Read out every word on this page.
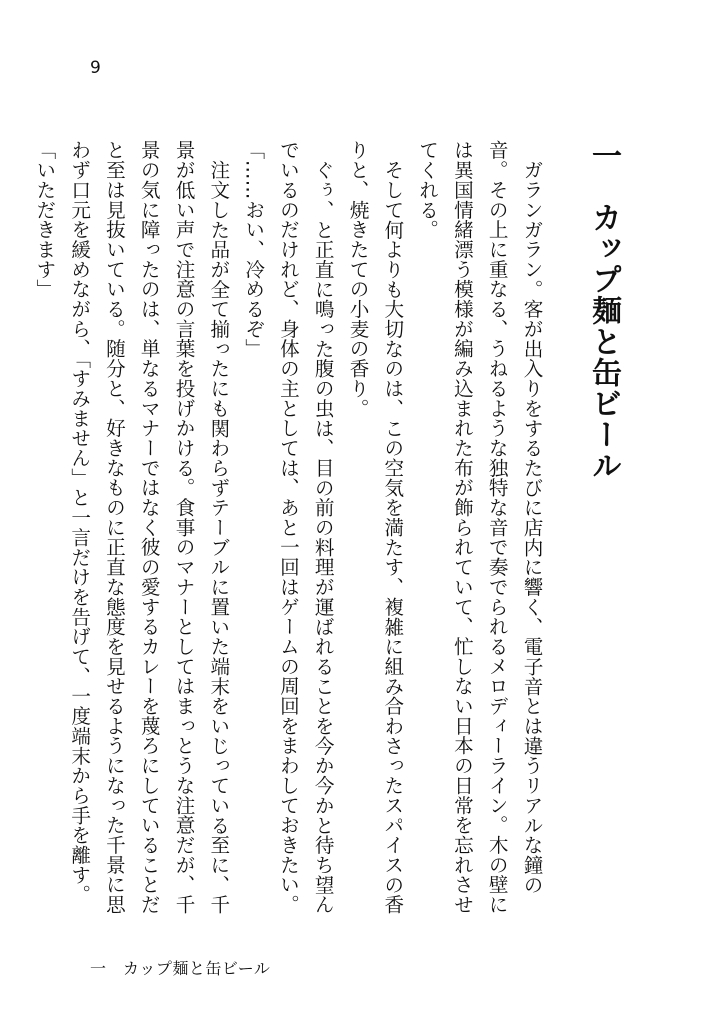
9
一　カップ麺と缶ビール

ガランガラン。客が出入りをするたびに店内に響く、電子音とは違うリアルな鐘の音。その上に重なる、うねるような独特な音で奏でられるメロディーライン。木の壁には異国情緒漂う模様が編み込まれた布が飾られていて、忙しない日本の日常を忘れさせてくれる。

そして何よりも大切なのは、この空気を満たす、複雑に組み合わさったスパイスの香りと、焼きたての小麦の香り。

ぐぅ、と正直に鳴った腹の虫は、目の前の料理が運ばれることを今か今かと待ち望んでいるのだけれど、身体の主としては、あと一回はゲームの周回をまわしておきたい。

「……おい、冷めるぞ」

注文した品が全て揃ったにも関わらずテーブルに置いた端末をいじっている至に、千景が低い声で注意の言葉を投げかける。食事のマナーとしてはまっとうな注意だが、千景の気に障ったのは、単なるマナーではなく彼の愛するカレーを蔑ろにしていることだと至は見抜いている。随分と、好きなものに正直な態度を見せるようになった千景に思わず口元を緩めながら、「すみません」と一言だけを告げて、一度端末から手を離す。

「いただきます」

一　カップ麺と缶ビール
